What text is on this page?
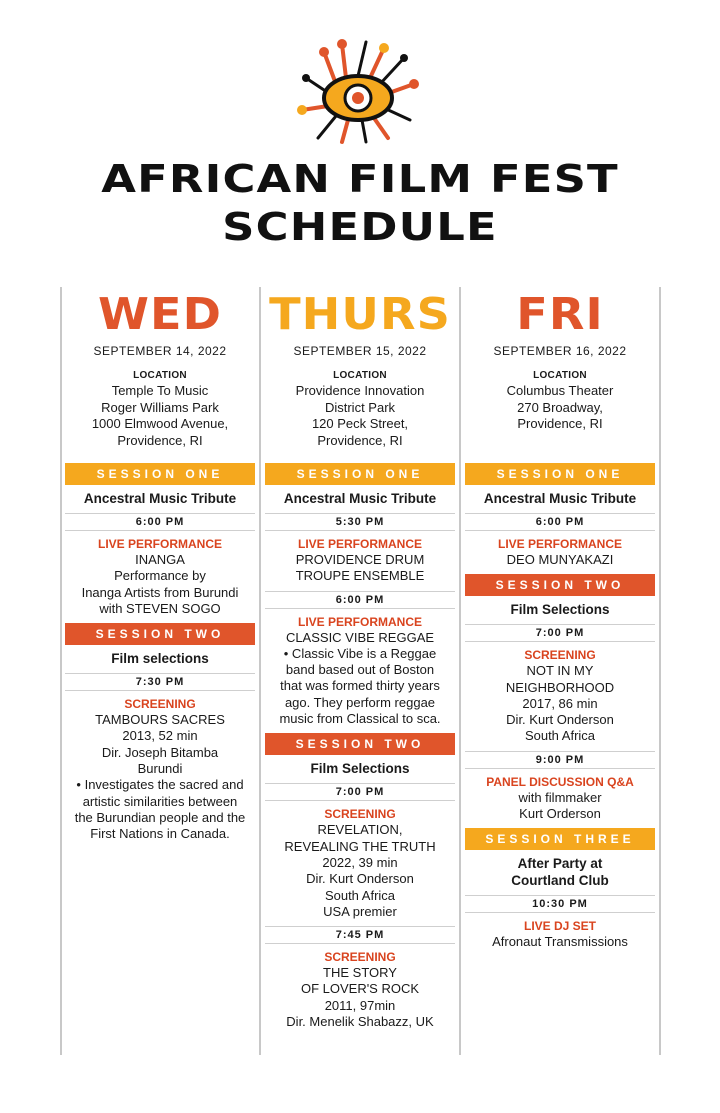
AFRICAN FILM FEST
SCHEDULE
WED
SEPTEMBER 14, 2022
LOCATION
Temple To Music
Roger Williams Park
1000 Elmwood Avenue,
Providence, RI
SESSION ONE
Ancestral Music Tribute
6:00 PM
LIVE PERFORMANCE
INANGA
Performance by
Inanga Artists from Burundi
with STEVEN SOGO
SESSION TWO
Film selections
7:30 PM
SCREENING
TAMBOURS SACRES
2013, 52 min
Dir. Joseph Bitamba
Burundi
• Investigates the sacred and
artistic similarities between
the Burundian people and the
First Nations in Canada.
THURS
SEPTEMBER 15, 2022
LOCATION
Providence Innovation
District Park
120 Peck Street,
Providence, RI
SESSION ONE
Ancestral Music Tribute
5:30 PM
LIVE PERFORMANCE
PROVIDENCE DRUM
TROUPE ENSEMBLE
6:00 PM
LIVE PERFORMANCE
CLASSIC VIBE REGGAE
• Classic Vibe is a Reggae
band based out of Boston
that was formed thirty years
ago. They perform reggae
music from Classical to sca.
SESSION TWO
Film Selections
7:00 PM
SCREENING
REVELATION,
REVEALING THE TRUTH
2022, 39 min
Dir. Kurt Onderson
South Africa
USA premier
7:45 PM
SCREENING
THE STORY
OF LOVER'S ROCK
2011, 97min
Dir. Menelik Shabazz, UK
FRI
SEPTEMBER 16, 2022
LOCATION
Columbus Theater
270 Broadway,
Providence, RI
SESSION ONE
Ancestral Music Tribute
6:00 PM
LIVE PERFORMANCE
DEO MUNYAKAZI
SESSION TWO
Film Selections
7:00 PM
SCREENING
NOT IN MY
NEIGHBORHOOD
2017, 86 min
Dir. Kurt Onderson
South Africa
9:00 PM
PANEL DISCUSSION Q&A
with filmmaker
Kurt Orderson
SESSION THREE
After Party at
Courtland Club
10:30 PM
LIVE DJ SET
Afronaut Transmissions
